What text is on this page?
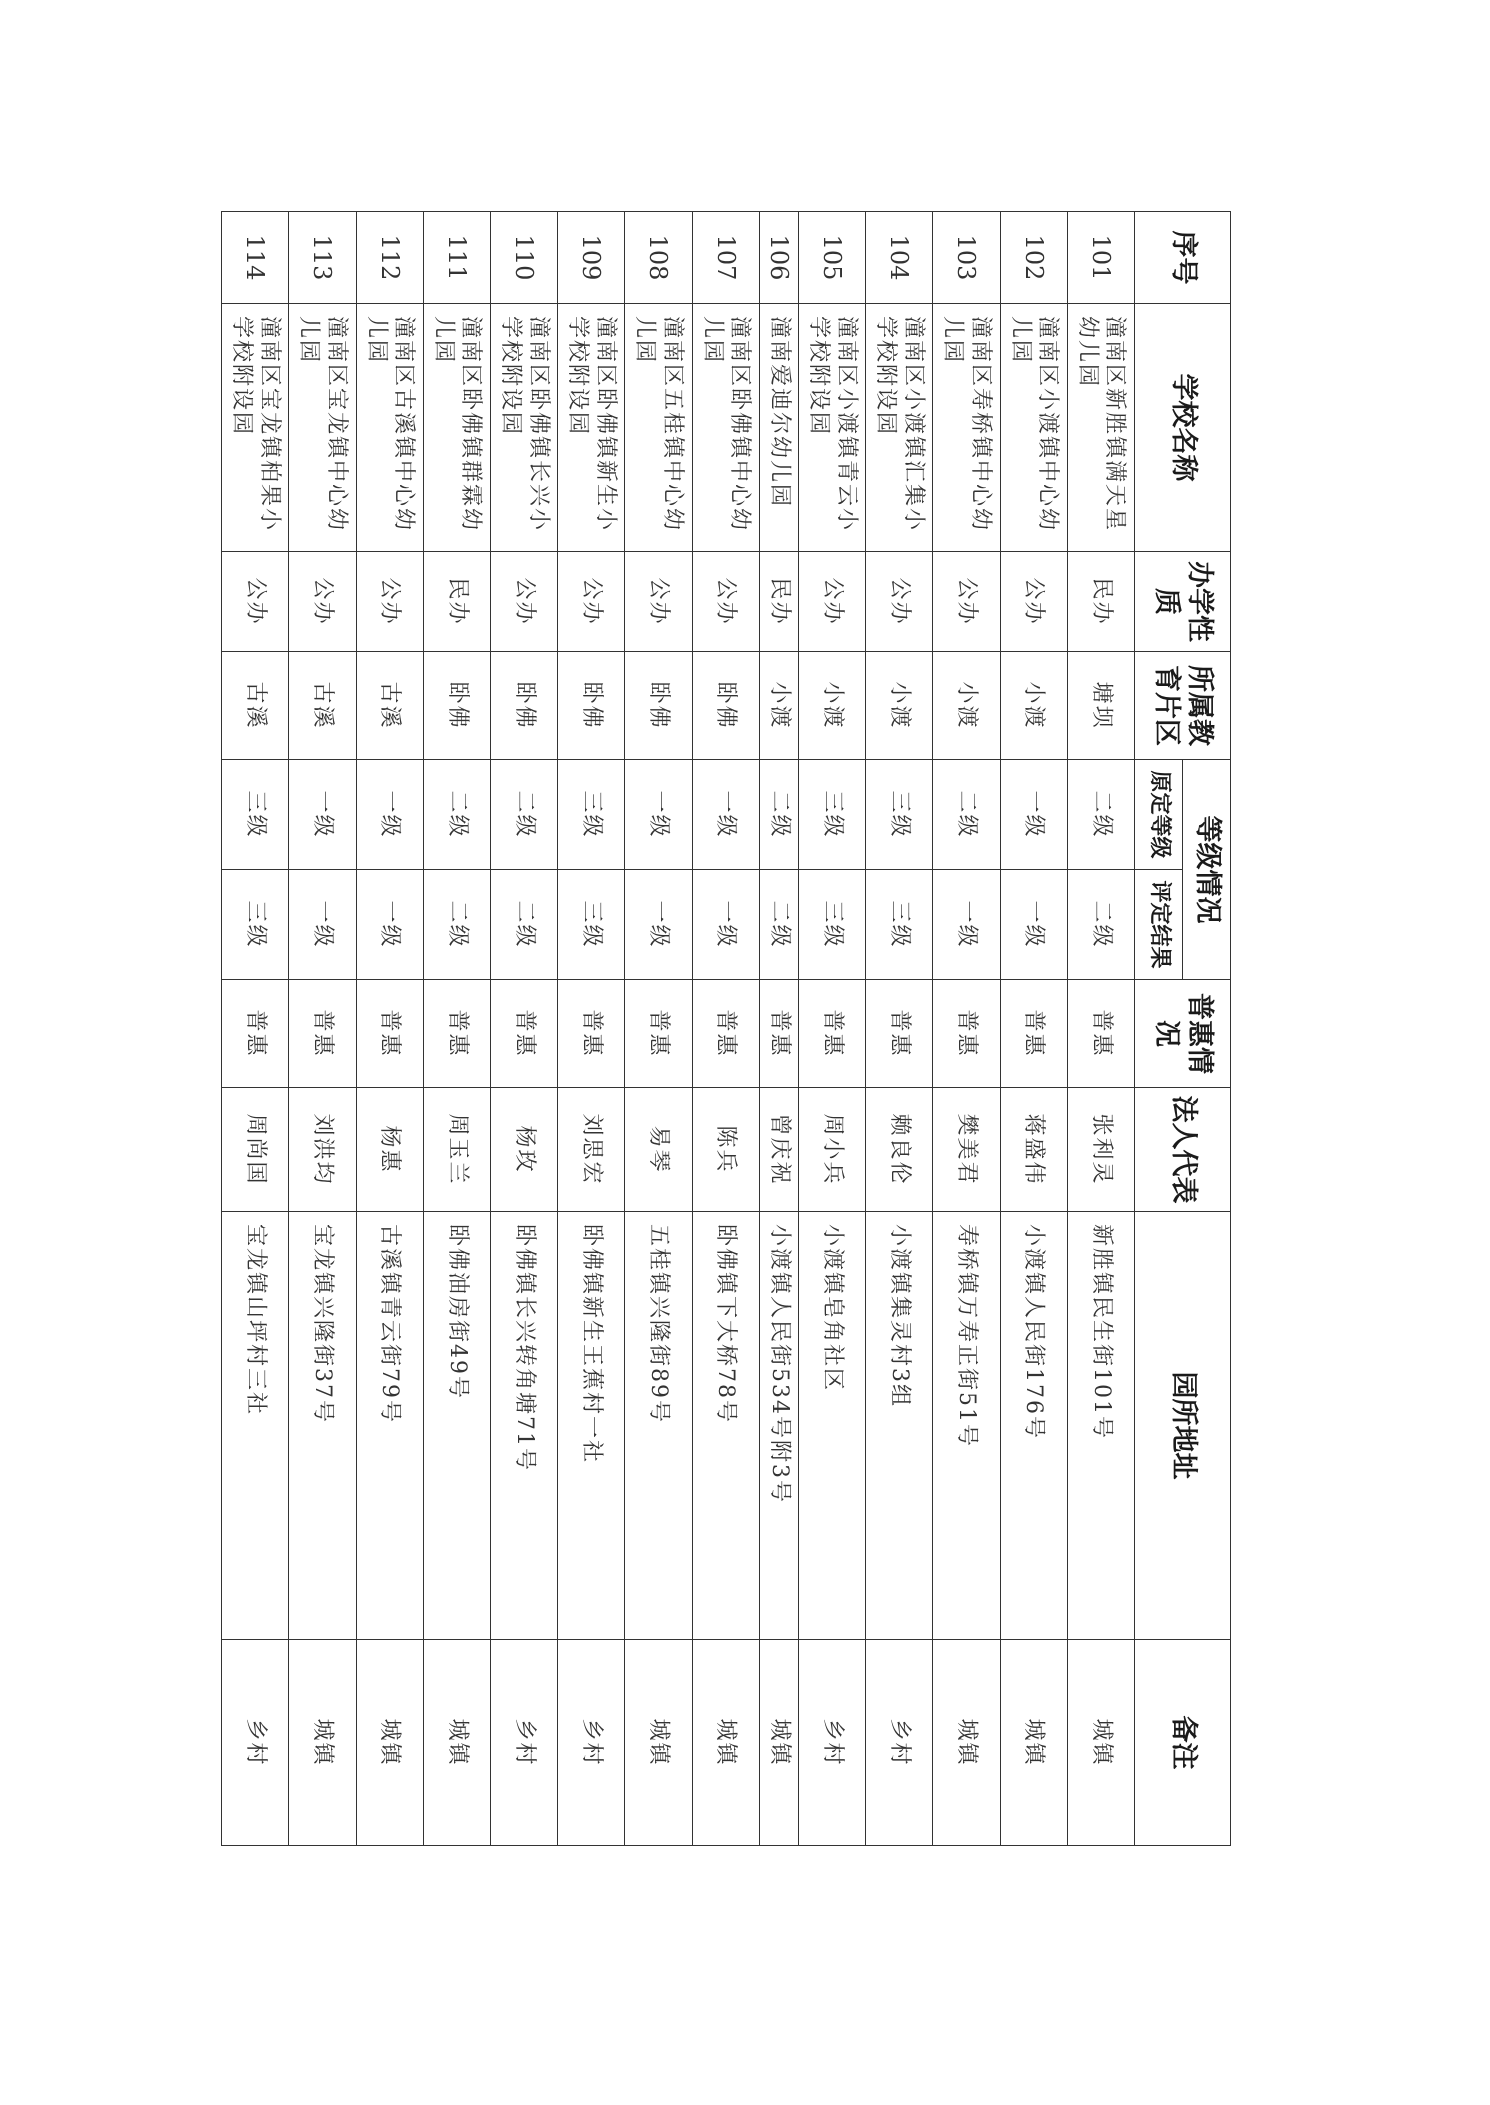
序号	学校名称	办学性质	所属教育片区	等级情况		普惠情况	法人代表	园所地址	备注
				原定等级	评定结果				
101	潼南区新胜镇满天星幼儿园	民办	塘坝	二级	二级	普惠	张利灵	新胜镇民生街101号	城镇
102	潼南区小渡镇中心幼儿园	公办	小渡	一级	一级	普惠	蒋盛伟	小渡镇人民街176号	城镇
103	潼南区寿桥镇中心幼儿园	公办	小渡	二级	一级	普惠	樊美君	寿桥镇万寿正街51号	城镇
104	潼南区小渡镇汇集小学校附设园	公办	小渡	三级	三级	普惠	赖良伦	小渡镇集灵村3组	乡村
105	潼南区小渡镇青云小学校附设园	公办	小渡	三级	三级	普惠	周小兵	小渡镇皂角社区	乡村
106	潼南爱迪尔幼儿园	民办	小渡	二级	二级	普惠	曾庆祝	小渡镇人民街534号附3号	城镇
107	潼南区卧佛镇中心幼儿园	公办	卧佛	一级	一级	普惠	陈兵	卧佛镇下大桥78号	城镇
108	潼南区五桂镇中心幼儿园	公办	卧佛	一级	一级	普惠	易琴	五桂镇兴隆街89号	城镇
109	潼南区卧佛镇新生小学校附设园	公办	卧佛	三级	三级	普惠	刘思宏	卧佛镇新生王蕉村一社	乡村
110	潼南区卧佛镇长兴小学校附设园	公办	卧佛	二级	二级	普惠	杨玫	卧佛镇长兴转角塘71号	乡村
111	潼南区卧佛镇群霖幼儿园	民办	卧佛	二级	二级	普惠	周玉兰	卧佛油房街49号	城镇
112	潼南区古溪镇中心幼儿园	公办	古溪	一级	一级	普惠	杨惠	古溪镇青云街79号	城镇
113	潼南区宝龙镇中心幼儿园	公办	古溪	一级	一级	普惠	刘洪均	宝龙镇兴隆街37号	城镇
114	潼南区宝龙镇柏果小学校附设园	公办	古溪	三级	三级	普惠	周尚国	宝龙镇山坪村三社	乡村
